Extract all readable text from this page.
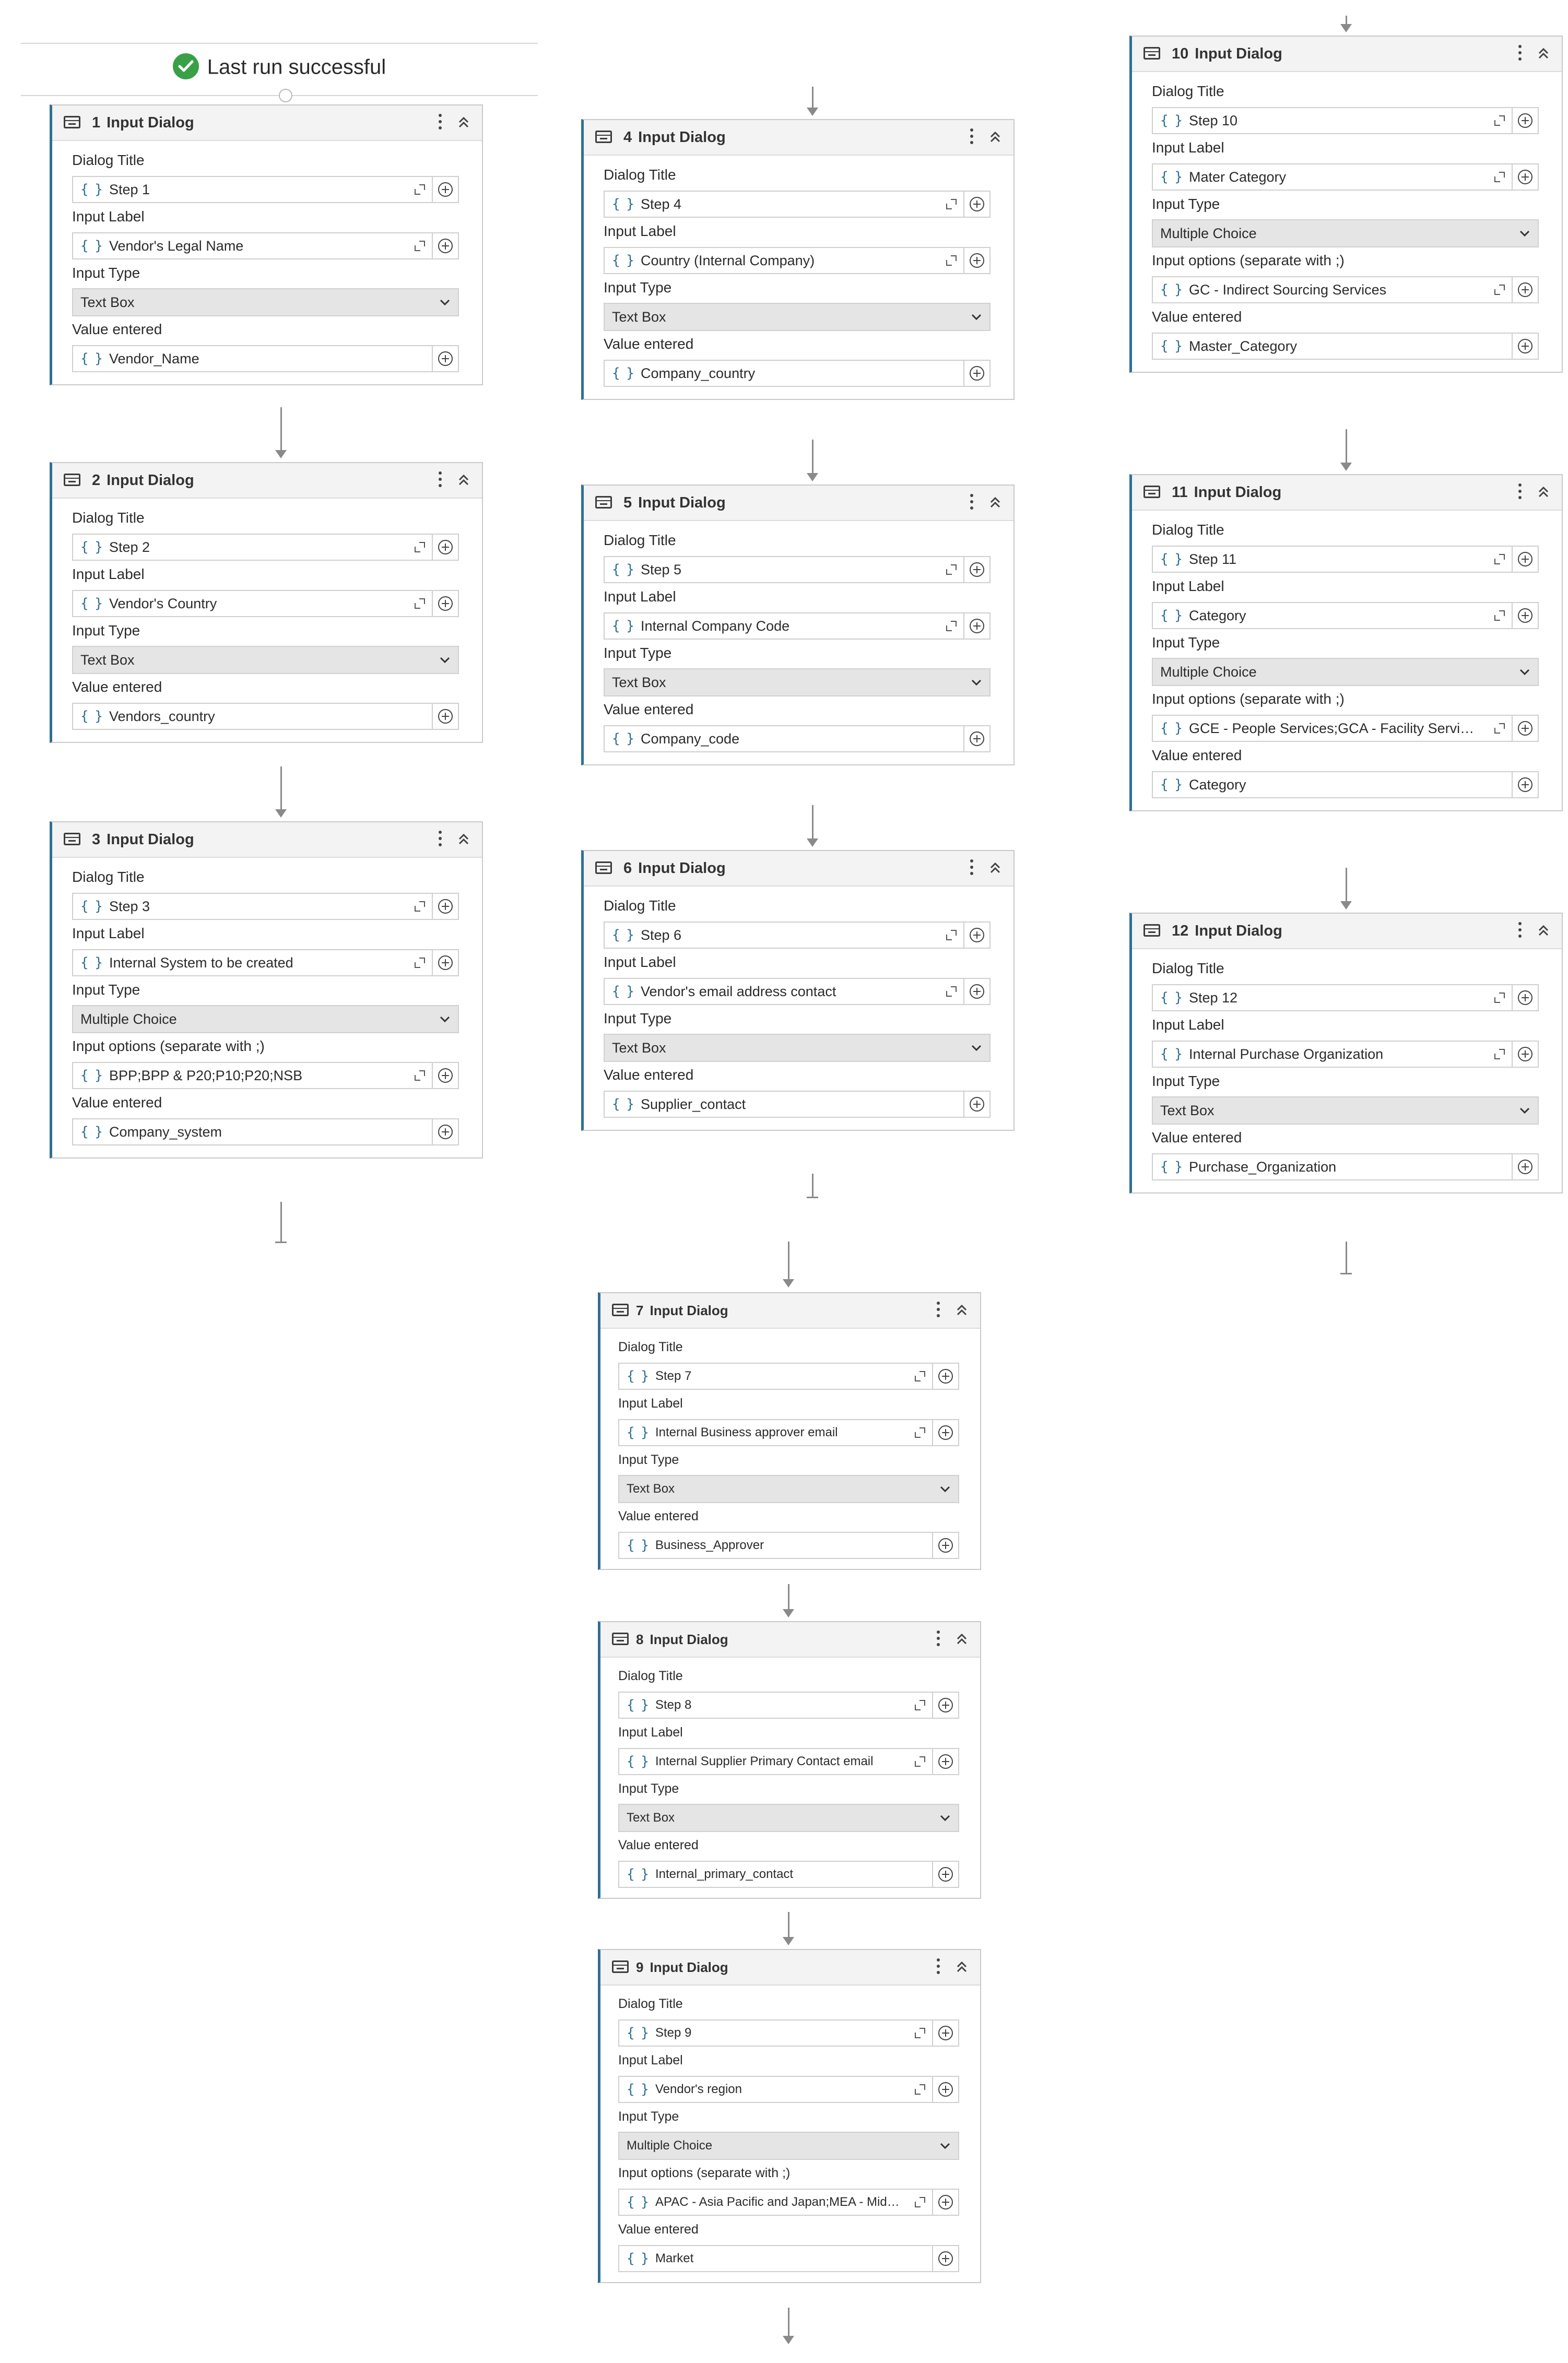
Last run successful
1 Input Dialog
Dialog Title
{ } Step 1
Input Label
{ } Vendor's Legal Name
Input Type
Text Box
Value entered
{ } Vendor_Name
2 Input Dialog
Dialog Title
{ } Step 2
Input Label
{ } Vendor's Country
Input Type
Text Box
Value entered
{ } Vendors_country
3 Input Dialog
Dialog Title
{ } Step 3
Input Label
{ } Internal System to be created
Input Type
Multiple Choice
Input options (separate with ;)
{ } BPP;BPP & P20;P10;P20;NSB
Value entered
{ } Company_system
4 Input Dialog
Dialog Title
{ } Step 4
Input Label
{ } Country (Internal Company)
Input Type
Text Box
Value entered
{ } Company_country
5 Input Dialog
Dialog Title
{ } Step 5
Input Label
{ } Internal Company Code
Input Type
Text Box
Value entered
{ } Company_code
6 Input Dialog
Dialog Title
{ } Step 6
Input Label
{ } Vendor's email address contact
Input Type
Text Box
Value entered
{ } Supplier_contact
7 Input Dialog
Dialog Title
{ } Step 7
Input Label
{ } Internal Business approver email
Input Type
Text Box
Value entered
{ } Business_Approver
8 Input Dialog
Dialog Title
{ } Step 8
Input Label
{ } Internal Supplier Primary Contact email
Input Type
Text Box
Value entered
{ } Internal_primary_contact
9 Input Dialog
Dialog Title
{ } Step 9
Input Label
{ } Vendor's region
Input Type
Multiple Choice
Input options (separate with ;)
{ } APAC - Asia Pacific and Japan;MEA - Mid…
Value entered
{ } Market
10 Input Dialog
Dialog Title
{ } Step 10
Input Label
{ } Mater Category
Input Type
Multiple Choice
Input options (separate with ;)
{ } GC - Indirect Sourcing Services
Value entered
{ } Master_Category
11 Input Dialog
Dialog Title
{ } Step 11
Input Label
{ } Category
Input Type
Multiple Choice
Input options (separate with ;)
{ } GCE - People Services;GCA - Facility Servi…
Value entered
{ } Category
12 Input Dialog
Dialog Title
{ } Step 12
Input Label
{ } Internal Purchase Organization
Input Type
Text Box
Value entered
{ } Purchase_Organization
